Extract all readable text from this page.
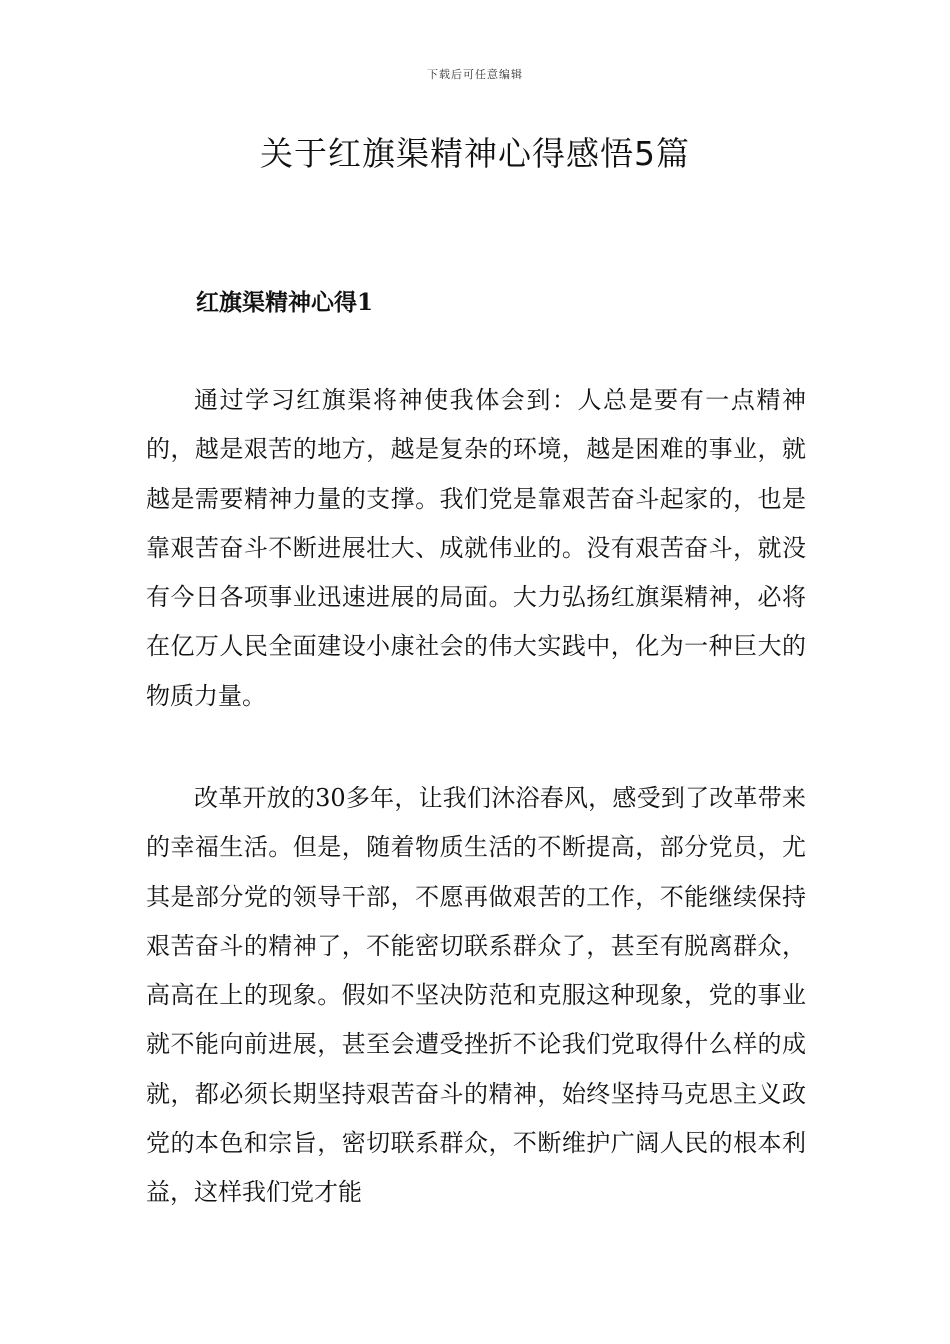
下载后可任意编辑
关于红旗渠精神心得感悟5篇
红旗渠精神心得1

通过学习红旗渠将神使我体会到：人总是要有一点精神的，越是艰苦的地方，越是复杂的环境，越是困难的事业，就越是需要精神力量的支撑。我们党是靠艰苦奋斗起家的，也是靠艰苦奋斗不断进展壮大、成就伟业的。没有艰苦奋斗，就没有今日各项事业迅速进展的局面。大力弘扬红旗渠精神，必将在亿万人民全面建设小康社会的伟大实践中，化为一种巨大的物质力量。

改革开放的30多年，让我们沐浴春风，感受到了改革带来的幸福生活。但是，随着物质生活的不断提高，部分党员，尤其是部分党的领导干部，不愿再做艰苦的工作，不能继续保持艰苦奋斗的精神了，不能密切联系群众了，甚至有脱离群众，高高在上的现象。假如不坚决防范和克服这种现象，党的事业就不能向前进展，甚至会遭受挫折不论我们党取得什么样的成就，都必须长期坚持艰苦奋斗的精神，始终坚持马克思主义政党的本色和宗旨，密切联系群众，不断维护广阔人民的根本利益，这样我们党才能
